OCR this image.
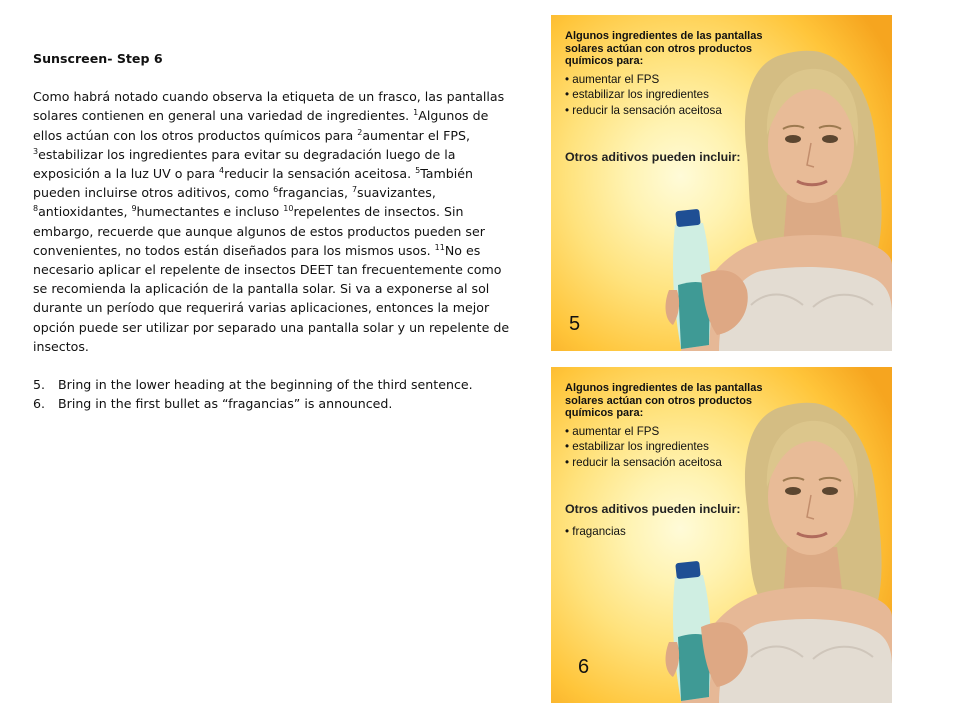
Sunscreen- Step 6
Como habrá notado cuando observa la etiqueta de un frasco, las pantallas solares contienen en general una variedad de ingredientes. $^1$Algunos de ellos actúan con los otros productos químicos para $^2$aumentar el FPS, $^3$estabilizar los ingredientes para evitar su degradación luego de la exposición a la luz UV o para $^4$reducir la sensación aceitosa. $^5$También pueden incluirse otros aditivos, como $^6$fragancias, $^7$suavizantes, $^8$antioxidantes, $^9$humectantes e incluso $^{10}$repelentes de insectos. Sin embargo, recuerde que aunque algunos de estos productos pueden ser convenientes, no todos están diseñados para los mismos usos. $^{11}$No es necesario aplicar el repelente de insectos DEET tan frecuentemente como se recomienda la aplicación de la pantalla solar. Si va a exponerse al sol durante un período que requerirá varias aplicaciones, entonces la mejor opción puede ser utilizar por separado una pantalla solar y un repelente de insectos.
5.	Bring in the lower heading at the beginning of the third sentence.
6.	Bring in the first bullet as “fragancias” is announced.
Algunos ingredientes de las pantallas solares actúan con otros productos químicos para:
• aumentar el FPS
• estabilizar los ingredientes
• reducir la sensación aceitosa
Otros aditivos pueden incluir:
5
Algunos ingredientes de las pantallas solares actúan con otros productos químicos para:
• aumentar el FPS
• estabilizar los ingredientes
• reducir la sensación aceitosa
Otros aditivos pueden incluir:
• fragancias
6
